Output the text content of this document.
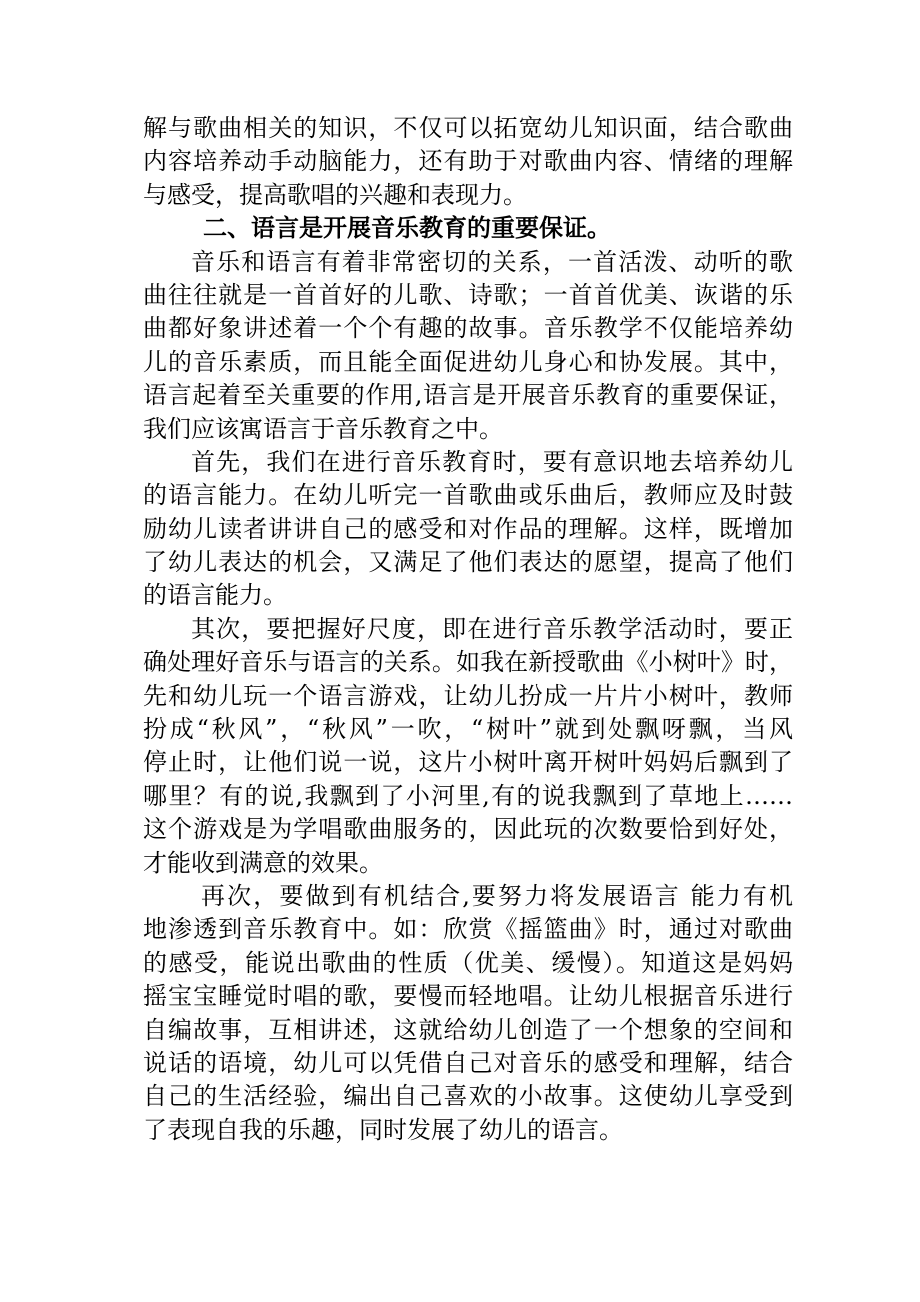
解与歌曲相关的知识，不仅可以拓宽幼儿知识面，结合歌曲
内容培养动手动脑能力，还有助于对歌曲内容、情绪的理解
与感受，提高歌唱的兴趣和表现力。
二、语言是开展音乐教育的重要保证。
音乐和语言有着非常密切的关系，一首活泼、动听的歌
曲往往就是一首首好的儿歌、诗歌；一首首优美、诙谐的乐
曲都好象讲述着一个个有趣的故事。音乐教学不仅能培养幼
儿的音乐素质，而且能全面促进幼儿身心和协发展。其中，
语言起着至关重要的作用,语言是开展音乐教育的重要保证，
我们应该寓语言于音乐教育之中。
首先，我们在进行音乐教育时，要有意识地去培养幼儿
的语言能力。在幼儿听完一首歌曲或乐曲后，教师应及时鼓
励幼儿读者讲讲自己的感受和对作品的理解。这样，既增加
了幼儿表达的机会，又满足了他们表达的愿望，提高了他们
的语言能力。
其次，要把握好尺度，即在进行音乐教学活动时，要正
确处理好音乐与语言的关系。如我在新授歌曲《小树叶》时，
先和幼儿玩一个语言游戏，让幼儿扮成一片片小树叶，教师
扮成“秋风”，“秋风”一吹，“树叶”就到处飘呀飘，当风
停止时，让他们说一说，这片小树叶离开树叶妈妈后飘到了
哪里？有的说,我飘到了小河里,有的说我飘到了草地上……
这个游戏是为学唱歌曲服务的，因此玩的次数要恰到好处，
才能收到满意的效果。
再次，要做到有机结合,要努力将发展语言 能力有机
地渗透到音乐教育中。如：欣赏《摇篮曲》时，通过对歌曲
的感受，能说出歌曲的性质（优美、缓慢）。知道这是妈妈
摇宝宝睡觉时唱的歌，要慢而轻地唱。让幼儿根据音乐进行
自编故事，互相讲述，这就给幼儿创造了一个想象的空间和
说话的语境，幼儿可以凭借自己对音乐的感受和理解，结合
自己的生活经验，编出自己喜欢的小故事。这使幼儿享受到
了表现自我的乐趣，同时发展了幼儿的语言。
